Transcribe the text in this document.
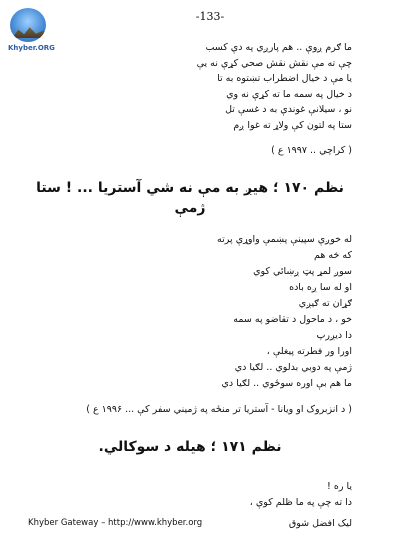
Khyber.ORG
-133-
ما ګرم ږوې .. هم پارږي په دې کسب
چې ته مې نقش نقش صحي کړې نه يې
يا مې د خيال اضطراب تښتوه به تا
د خيال په سمه ما ته کړې نه وي
نو ، سيلانې غوندې به د غسې تل
ستا په لتون کې ولاړ ته غوا ږم

( کراچي .. ۱۹۹۷ ع )

نظم ۱۷۰ ؛ هيږ به مې نه شي آستريا ... ! ستا ژمې
له خوږې سپينې پښمې واوړې پرته
که څه هم
سوږ لمړ پټ ږښائي کوي
او له سا ږه باده
ګړان ته ګيږي
خو ، د ماحول د تقاضو په سمه
دا ديږرپ
اورا ور فطرته پيغلې ،
ژمې په دوبي بدلوي .. لګيا دي
ما هم بې اوره سوځوي .. لګيا دي

( د انزبروک او ويانا - آستريا تر منځه په ژميني سفر کې ... ۱۹۹۶ ع )

نظم ۱۷۱ ؛ هيله د سوکالي.
يا ره !
دا ته چې په ما ظلم کوې ،
Khyber Gateway – http://www.khyber.org	ليک افضل شوق
